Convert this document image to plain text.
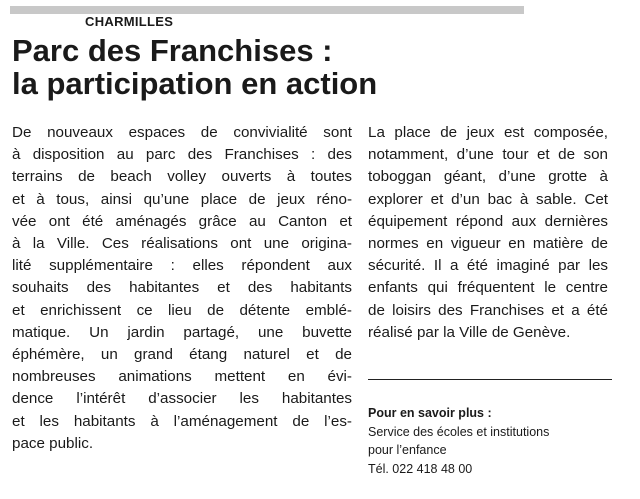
CHARMILLES
Parc des Franchises :
la participation en action
De nouveaux espaces de convivialité sont
à disposition au parc des Franchises : des
terrains de beach volley ouverts à toutes
et à tous, ainsi qu’une place de jeux réno-
vée ont été aménagés grâce au Canton et
à la Ville. Ces réalisations ont une origina-
lité supplémentaire : elles répondent aux
souhaits des habitantes et des habitants
et enrichissent ce lieu de détente emblé-
matique. Un jardin partagé, une buvette
éphémère, un grand étang naturel et de
nombreuses animations mettent en évi-
dence l’intérêt d’associer les habitantes
et les habitants à l’aménagement de l’es-
pace public.
La place de jeux est composée,
notamment, d’une tour et de son
toboggan géant, d’une grotte à
explorer et d’un bac à sable. Cet
équipement répond aux dernières
normes en vigueur en matière de
sécurité. Il a été imaginé par les
enfants qui fréquentent le centre
de loisirs des Franchises et a été
réalisé par la Ville de Genève.
Pour en savoir plus :
Service des écoles et institutions
pour l’enfance
Tél. 022 418 48 00
